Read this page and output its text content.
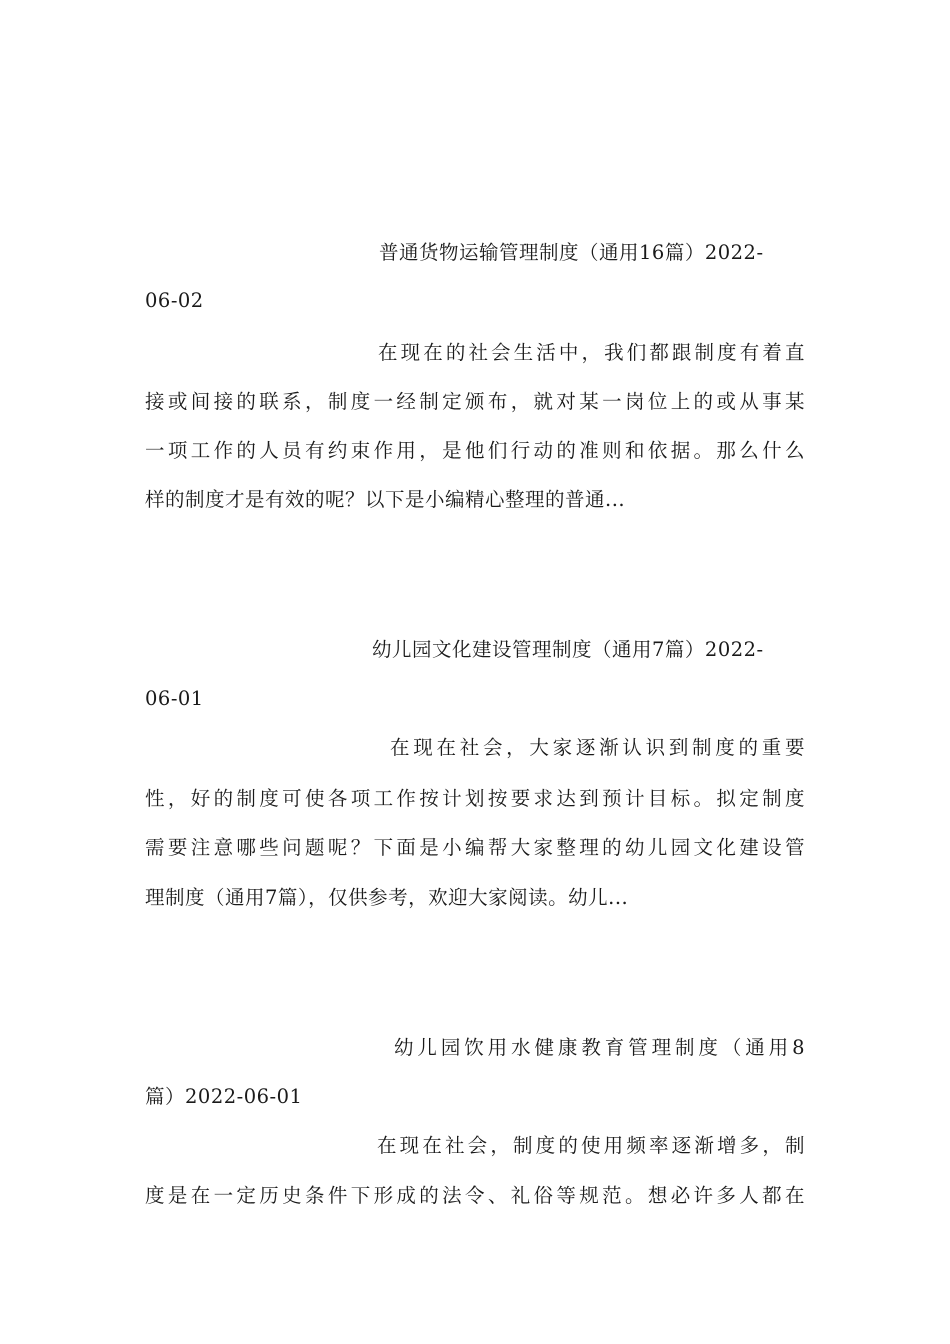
普通货物运输管理制度（通用16篇）2022-
06-02
在现在的社会生活中，我们都跟制度有着直
接或间接的联系，制度一经制定颁布，就对某一岗位上的或从事某
一项工作的人员有约束作用，是他们行动的准则和依据。那么什么
样的制度才是有效的呢？以下是小编精心整理的普通...
幼儿园文化建设管理制度（通用7篇）2022-
06-01
在现在社会，大家逐渐认识到制度的重要
性，好的制度可使各项工作按计划按要求达到预计目标。拟定制度
需要注意哪些问题呢？下面是小编帮大家整理的幼儿园文化建设管
理制度（通用7篇），仅供参考，欢迎大家阅读。幼儿...
幼儿园饮用水健康教育管理制度（通用8
篇）2022-06-01
在现在社会，制度的使用频率逐渐增多，制
度是在一定历史条件下形成的法令、礼俗等规范。想必许多人都在
